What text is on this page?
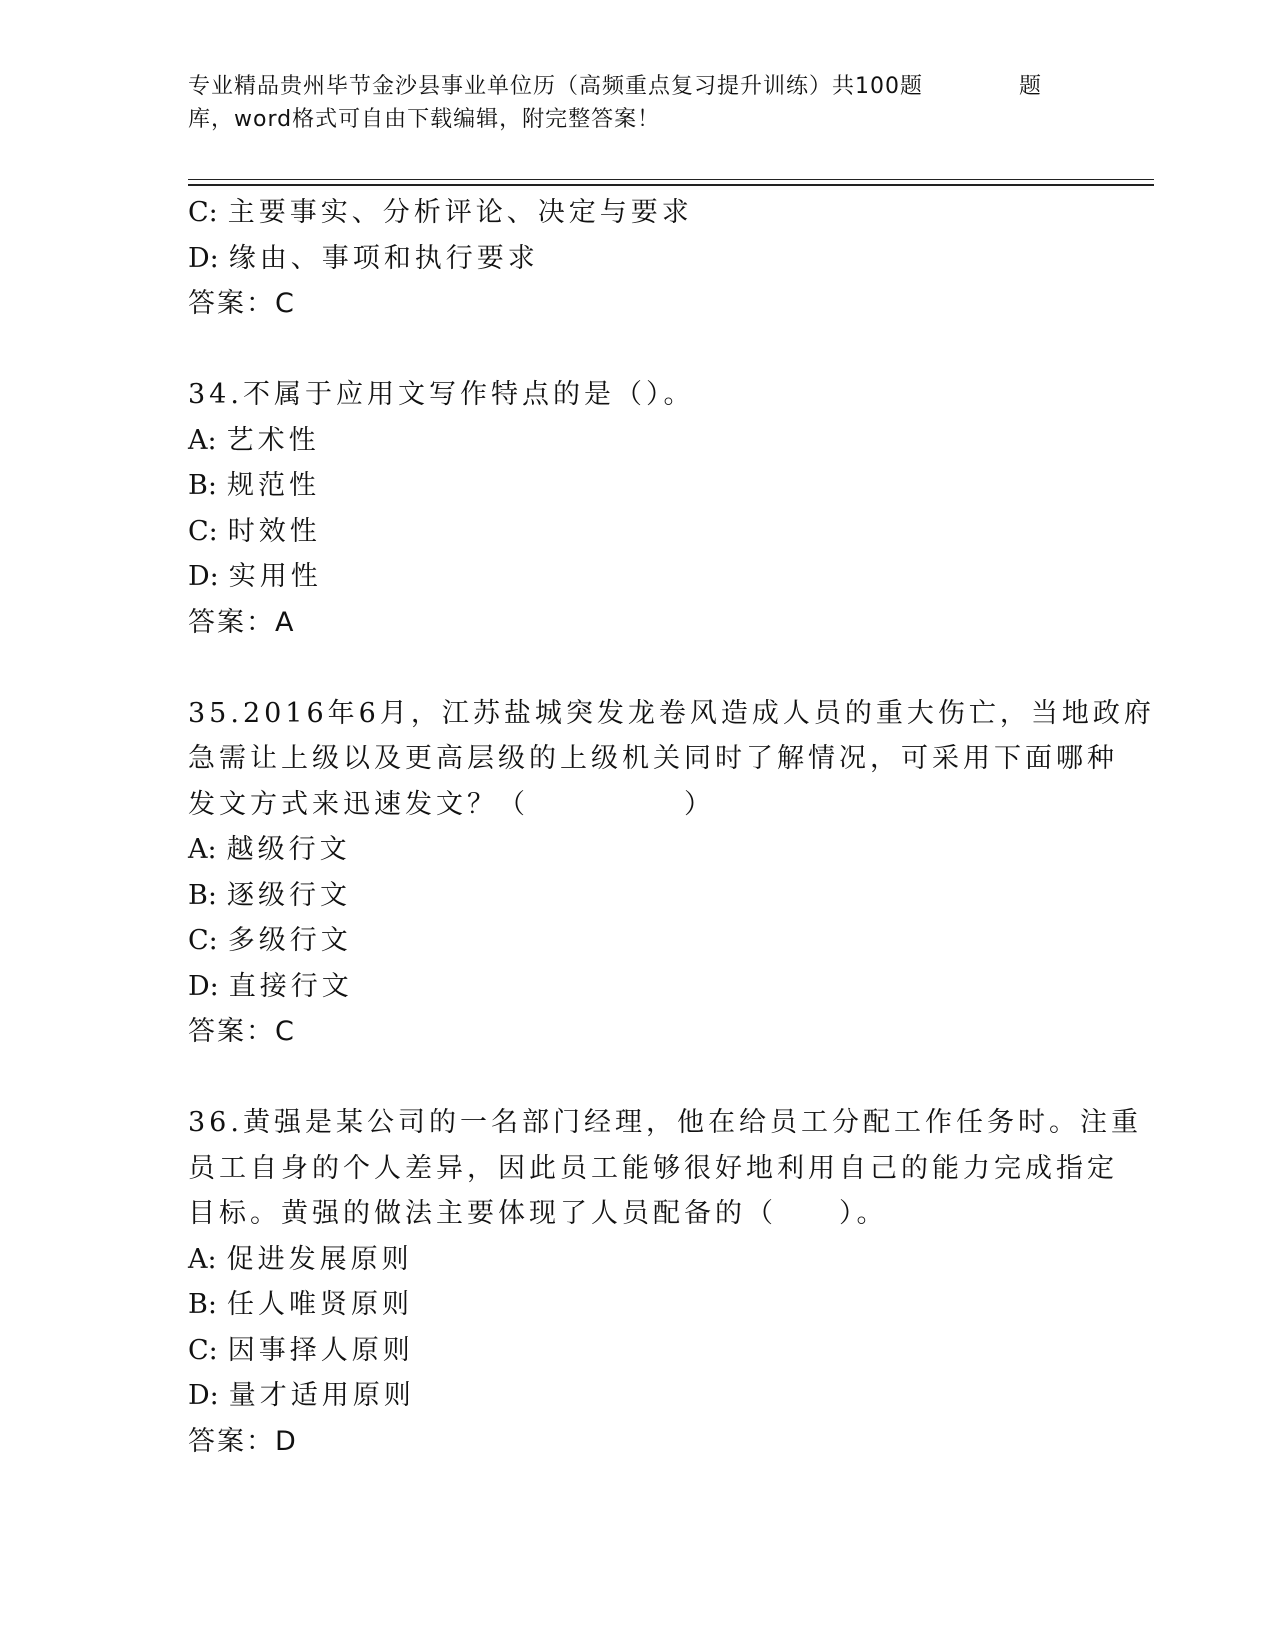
专业精品贵州毕节金沙县事业单位历（高频重点复习提升训练）共100题	题
库，word格式可自由下载编辑，附完整答案！
C: 主要事实、分析评论、决定与要求
D: 缘由、事项和执行要求
答案：C
34.不属于应用文写作特点的是（）。
A: 艺术性
B: 规范性
C: 时效性
D: 实用性
答案：A
35.2016年6月，江苏盐城突发龙卷风造成人员的重大伤亡，当地政府
急需让上级以及更高层级的上级机关同时了解情况，可采用下面哪种
发文方式来迅速发文？（　　　　　）
A: 越级行文
B: 逐级行文
C: 多级行文
D: 直接行文
答案：C
36.黄强是某公司的一名部门经理，他在给员工分配工作任务时。注重
员工自身的个人差异，因此员工能够很好地利用自己的能力完成指定
目标。黄强的做法主要体现了人员配备的（　　）。
A: 促进发展原则
B: 任人唯贤原则
C: 因事择人原则
D: 量才适用原则
答案：D
